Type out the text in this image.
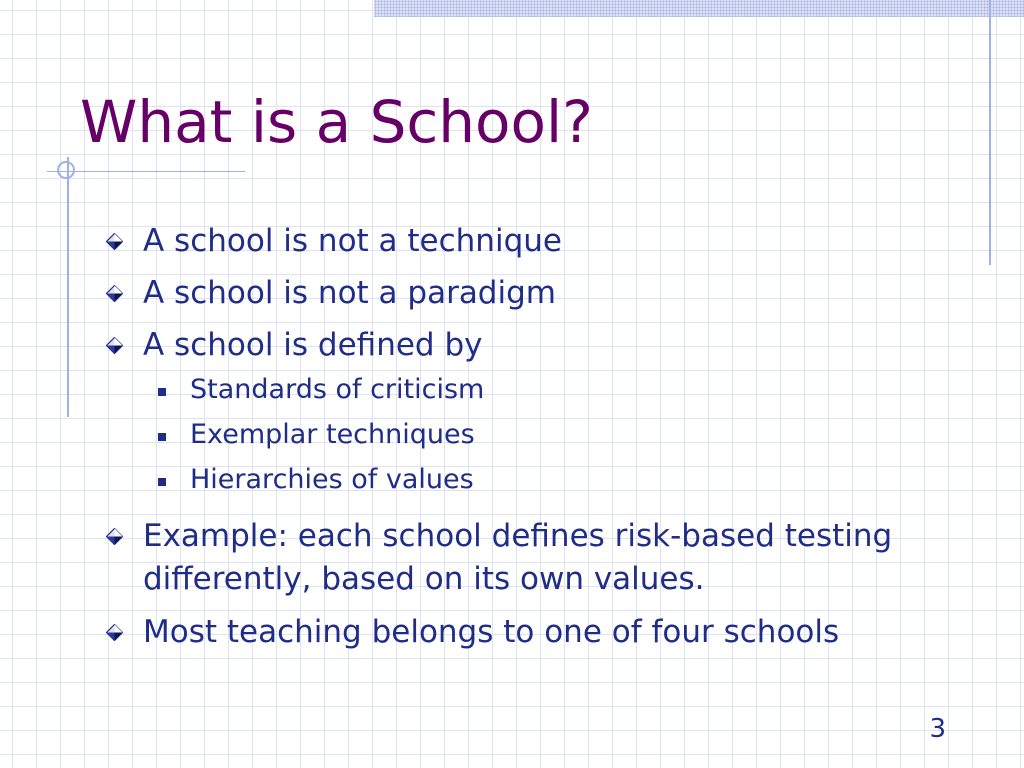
What is a School?
A school is not a technique
A school is not a paradigm
A school is defined by
Standards of criticism
Exemplar techniques
Hierarchies of values
Example: each school defines risk-based testing differently, based on its own values.
Most teaching belongs to one of four schools
3
